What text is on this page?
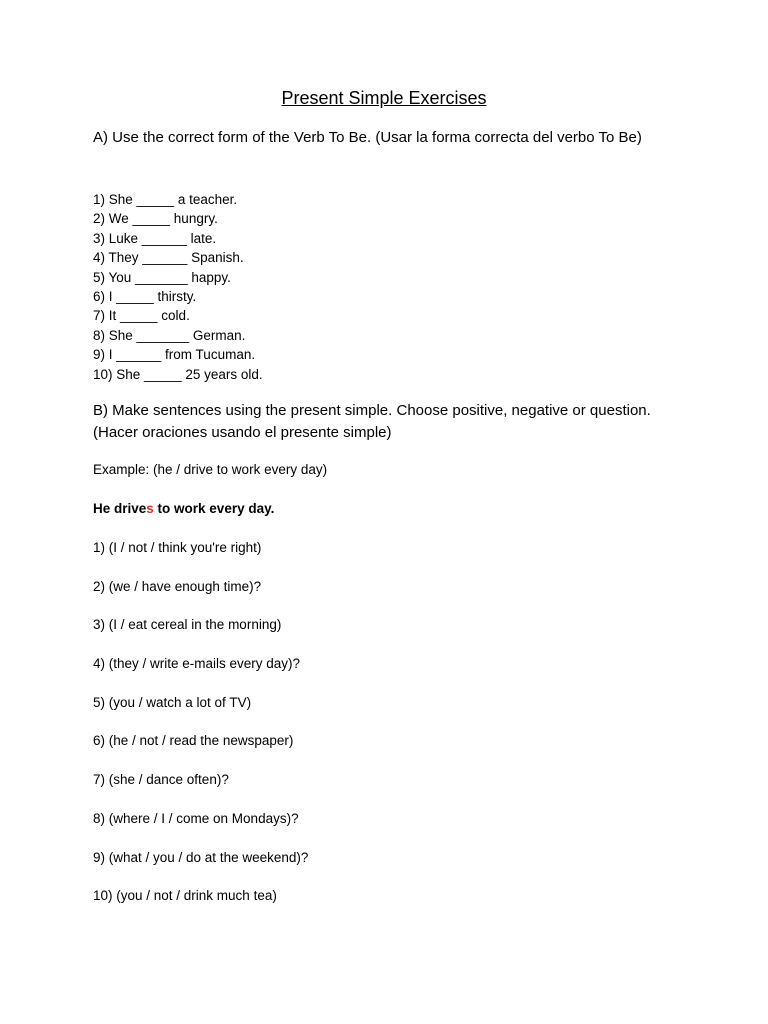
Present Simple Exercises
A) Use the correct form of the Verb To Be. (Usar la forma correcta del verbo To Be)
1) She _____ a teacher.
2) We _____ hungry.
3) Luke ______ late.
4) They ______ Spanish.
5) You _______ happy.
6) I _____ thirsty.
7) It _____ cold.
8) She _______ German.
9) I ______ from Tucuman.
10) She _____ 25 years old.
B) Make sentences using the present simple. Choose positive, negative or question. (Hacer oraciones usando el presente simple)
Example: (he / drive to work every day)
He drives to work every day.
1) (I / not / think you're right)
2) (we / have enough time)?
3) (I / eat cereal in the morning)
4) (they / write e-mails every day)?
5) (you / watch a lot of TV)
6) (he / not / read the newspaper)
7) (she / dance often)?
8) (where / I / come on Mondays)?
9) (what / you / do at the weekend)?
10) (you / not / drink much tea)
